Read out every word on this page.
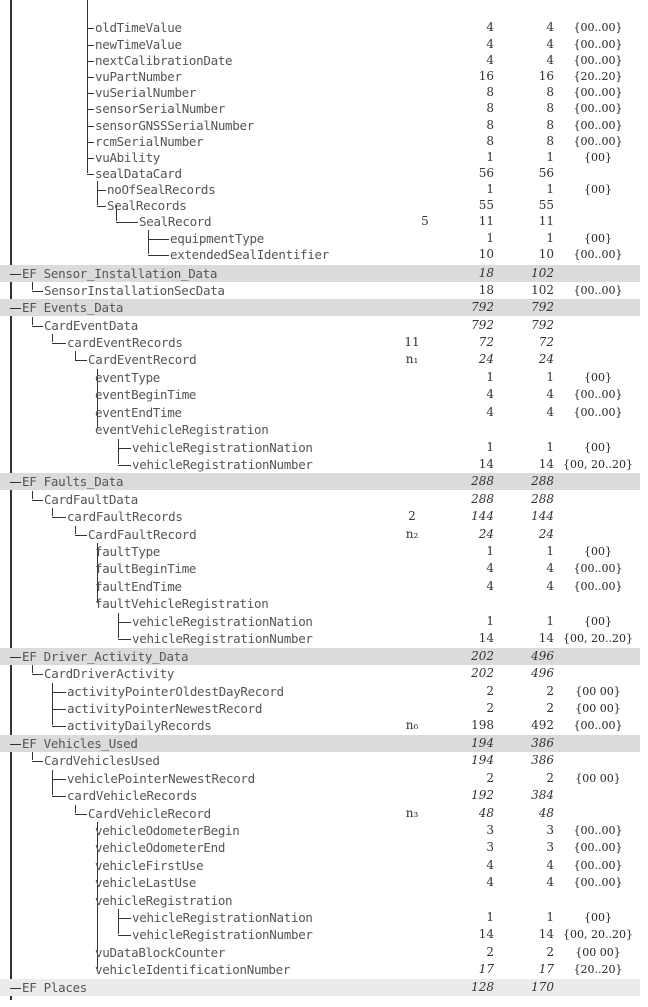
oldTimeValue	4	4	{00..00}
newTimeValue	4	4	{00..00}
nextCalibrationDate	4	4	{00..00}
vuPartNumber	16	16	{20..20}
vuSerialNumber	8	8	{00..00}
sensorSerialNumber	8	8	{00..00}
sensorGNSSSerialNumber	8	8	{00..00}
rcmSerialNumber	8	8	{00..00}
vuAbility	1	1	{00}
sealDataCard	56	56
noOfSealRecords	1	1	{00}
SealRecords	55	55
SealRecord	5	11	11
equipmentType	1	1	{00}
extendedSealIdentifier	10	10	{00..00}
EF Sensor_Installation_Data	18	102
SensorInstallationSecData	18	102	{00..00}
EF Events_Data	792	792
CardEventData	792	792
cardEventRecords	11	72	72
CardEventRecord	n₁	24	24
eventType	1	1	{00}
eventBeginTime	4	4	{00..00}
eventEndTime	4	4	{00..00}
eventVehicleRegistration
vehicleRegistrationNation	1	1	{00}
vehicleRegistrationNumber	14	14 {00, 20..20}
EF Faults_Data	288	288
CardFaultData	288	288
cardFaultRecords	2	144	144
CardFaultRecord	n₂	24	24
faultType	1	1	{00}
faultBeginTime	4	4	{00..00}
faultEndTime	4	4	{00..00}
faultVehicleRegistration
vehicleRegistrationNation	1	1	{00}
vehicleRegistrationNumber	14	14 {00, 20..20}
EF Driver_Activity_Data	202	496
CardDriverActivity	202	496
activityPointerOldestDayRecord	2	2	{00 00}
activityPointerNewestRecord	2	2	{00 00}
activityDailyRecords	n₆	198	492	{00..00}
EF Vehicles_Used	194	386
CardVehiclesUsed	194	386
vehiclePointerNewestRecord	2	2	{00 00}
cardVehicleRecords	192	384
CardVehicleRecord	n₃	48	48
vehicleOdometerBegin	3	3	{00..00}
vehicleOdometerEnd	3	3	{00..00}
vehicleFirstUse	4	4	{00..00}
vehicleLastUse	4	4	{00..00}
vehicleRegistration
vehicleRegistrationNation	1	1	{00}
vehicleRegistrationNumber	14	14 {00, 20..20}
vuDataBlockCounter	2	2	{00 00}
vehicleIdentificationNumber	17	17	{20..20}
EF Places	128	170
